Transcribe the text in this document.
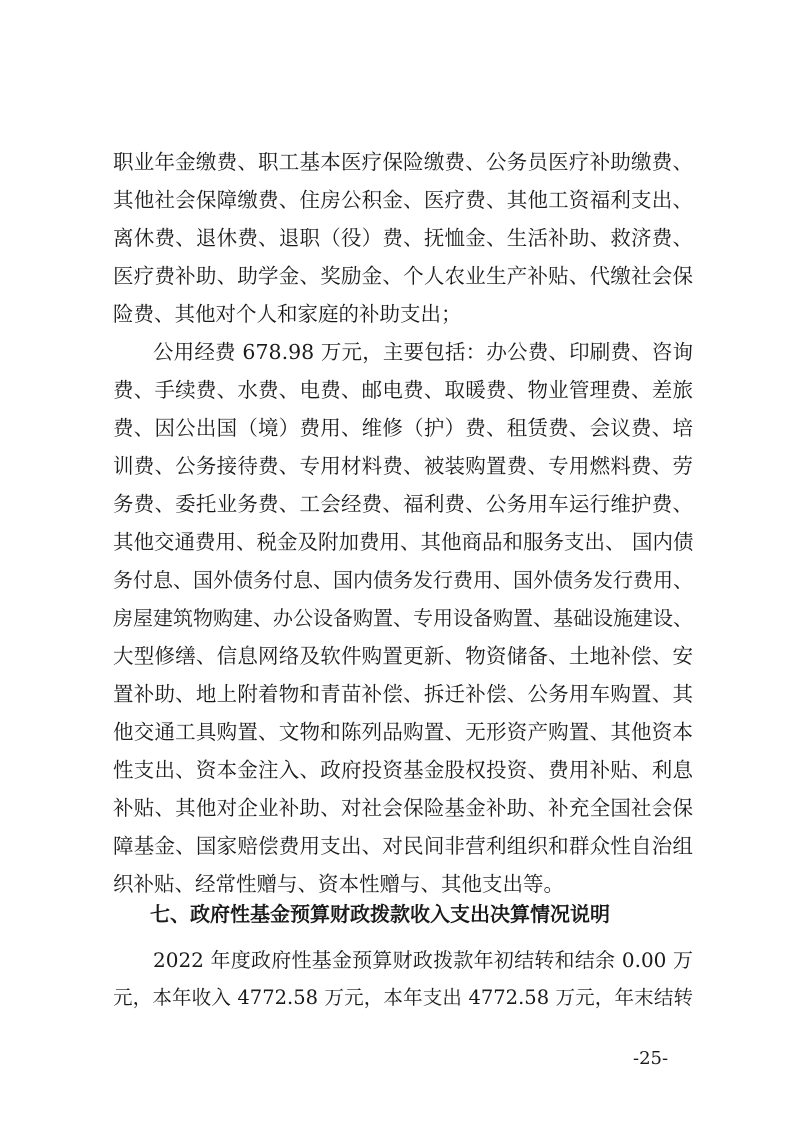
职业年金缴费、职工基本医疗保险缴费、公务员医疗补助缴费、
其他社会保障缴费、住房公积金、医疗费、其他工资福利支出、
离休费、退休费、退职（役）费、抚恤金、生活补助、救济费、
医疗费补助、助学金、奖励金、个人农业生产补贴、代缴社会保
险费、其他对个人和家庭的补助支出；
公用经费 678.98 万元，主要包括：办公费、印刷费、咨询
费、手续费、水费、电费、邮电费、取暖费、物业管理费、差旅
费、因公出国（境）费用、维修（护）费、租赁费、会议费、培
训费、公务接待费、专用材料费、被装购置费、专用燃料费、劳
务费、委托业务费、工会经费、福利费、公务用车运行维护费、
其他交通费用、税金及附加费用、其他商品和服务支出、 国内债
务付息、国外债务付息、国内债务发行费用、国外债务发行费用、
房屋建筑物购建、办公设备购置、专用设备购置、基础设施建设、
大型修缮、信息网络及软件购置更新、物资储备、土地补偿、安
置补助、地上附着物和青苗补偿、拆迁补偿、公务用车购置、其
他交通工具购置、文物和陈列品购置、无形资产购置、其他资本
性支出、资本金注入、政府投资基金股权投资、费用补贴、利息
补贴、其他对企业补助、对社会保险基金补助、补充全国社会保
障基金、国家赔偿费用支出、对民间非营利组织和群众性自治组
织补贴、经常性赠与、资本性赠与、其他支出等。
七、政府性基金预算财政拨款收入支出决算情况说明
2022 年度政府性基金预算财政拨款年初结转和结余 0.00 万
元，本年收入 4772.58 万元，本年支出 4772.58 万元，年末结转
-25-
